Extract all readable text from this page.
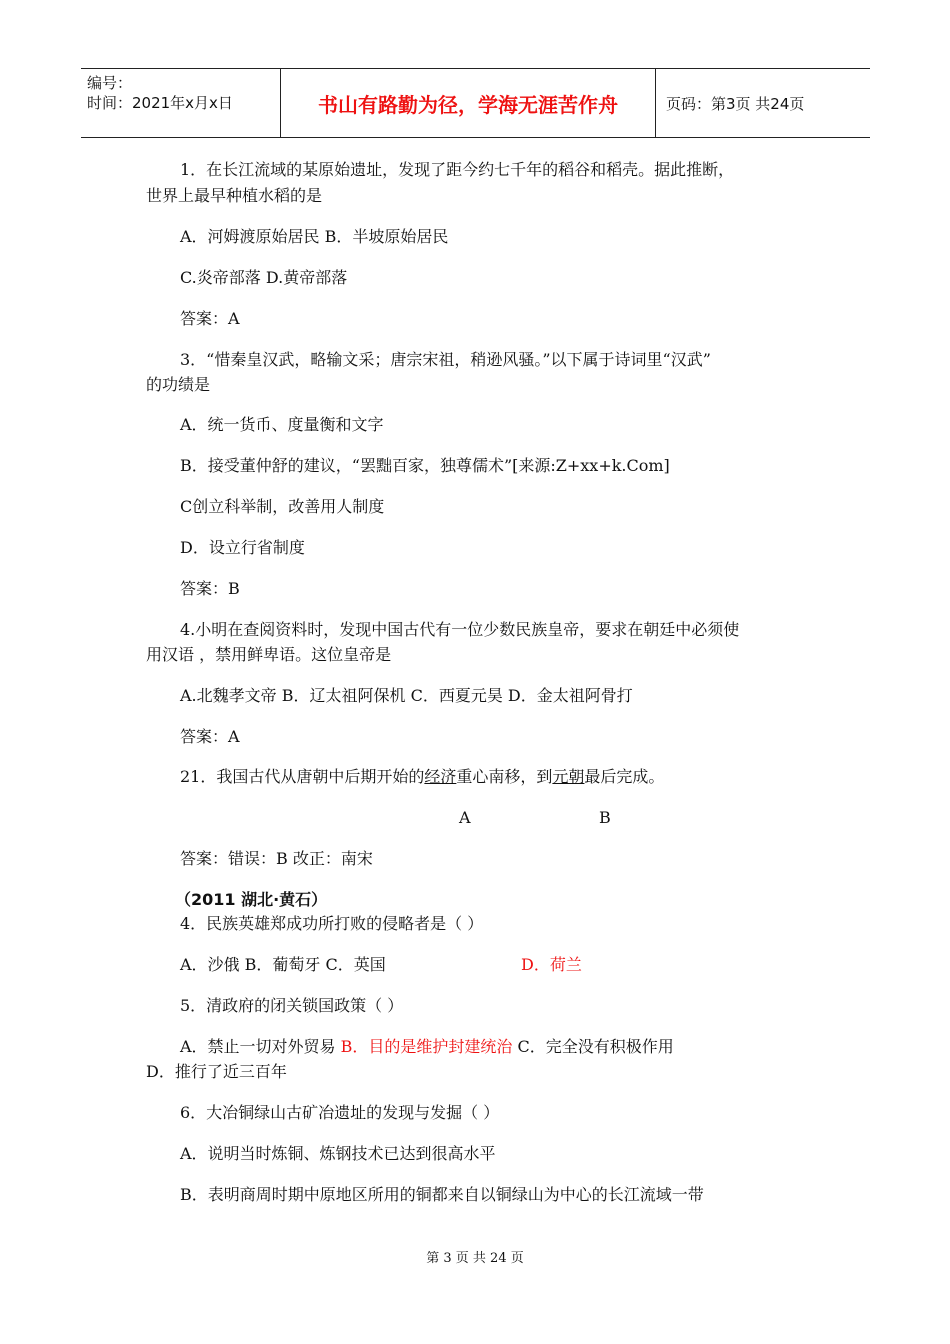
编号：
时间：2021年x月x日	书山有路勤为径，学海无涯苦作舟	页码：第3页 共24页
1．在长江流域的某原始遗址，发现了距今约七千年的稻谷和稻壳。据此推断，
世界上最早种植水稻的是
A．河姆渡原始居民 B．半坡原始居民
C.炎帝部落 D.黄帝部落
答案：A
3．“惜秦皇汉武，略输文采；唐宗宋祖，稍逊风骚。”以下属于诗词里“汉武”
的功绩是
A．统一货币、度量衡和文字
B．接受董仲舒的建议，“罢黜百家，独尊儒术”[来源:Z+xx+k.Com]
C创立科举制，改善用人制度
D．设立行省制度
答案：B
4.小明在查阅资料时，发现中国古代有一位少数民族皇帝，要求在朝廷中必须使
用汉语 ，禁用鲜卑语。这位皇帝是
A.北魏孝文帝 B．辽太祖阿保机 C．西夏元昊 D．金太祖阿骨打
答案：A
21．我国古代从唐朝中后期开始的经济重心南移，到元朝最后完成。
A	B
答案：错误：B 改正：南宋
（2011 湖北·黄石）
4．民族英雄郑成功所打败的侵略者是（ ）
A．沙俄 B．葡萄牙 C．英国	D．荷兰
5．清政府的闭关锁国政策（ ）
A．禁止一切对外贸易 B．目的是维护封建统治 C．完全没有积极作用
D．推行了近三百年
6．大冶铜绿山古矿冶遗址的发现与发掘（ ）
A．说明当时炼铜、炼钢技术已达到很高水平
B．表明商周时期中原地区所用的铜都来自以铜绿山为中心的长江流域一带
第 3 页 共 24 页
